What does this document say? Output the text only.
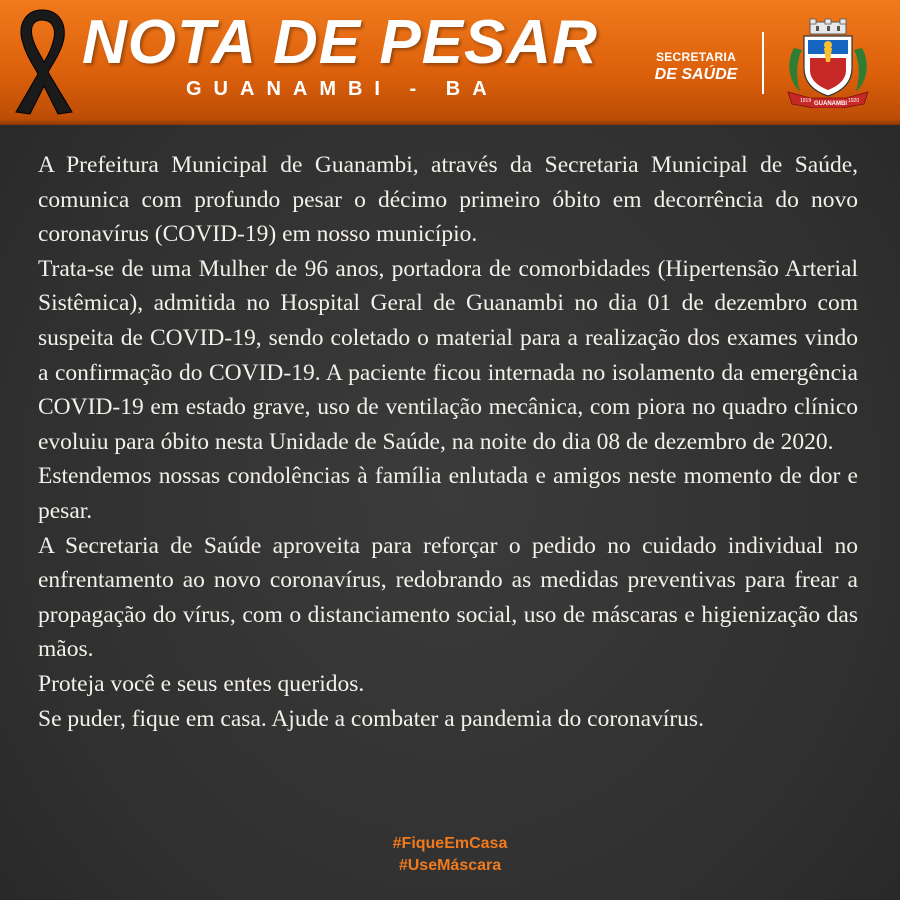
NOTA DE PESAR
GUANAMBI - BA
SECRETARIA
DE SAÚDE
1919 GUANAMBI 1920

A Prefeitura Municipal de Guanambi, através da Secretaria Municipal de Saúde, comunica com profundo pesar o décimo primeiro óbito em decorrência do novo coronavírus (COVID-19) em nosso município.

Trata-se de uma Mulher de 96 anos, portadora de comorbidades (Hipertensão Arterial Sistêmica), admitida no Hospital Geral de Guanambi no dia 01 de dezembro com suspeita de COVID-19, sendo coletado o material para a realização dos exames vindo a confirmação do COVID-19. A paciente ficou internada no isolamento da emergência COVID-19 em estado grave, uso de ventilação mecânica, com piora no quadro clínico evoluiu para óbito nesta Unidade de Saúde, na noite do dia 08 de dezembro de 2020.

Estendemos nossas condolências à família enlutada e amigos neste momento de dor e pesar.

A Secretaria de Saúde aproveita para reforçar o pedido no cuidado individual no enfrentamento ao novo coronavírus, redobrando as medidas preventivas para frear a propagação do vírus, com o distanciamento social, uso de máscaras e higienização das mãos.

Proteja você e seus entes queridos.

Se puder, fique em casa. Ajude a combater a pandemia do coronavírus.

#FiqueEmCasa
#UseMáscara
